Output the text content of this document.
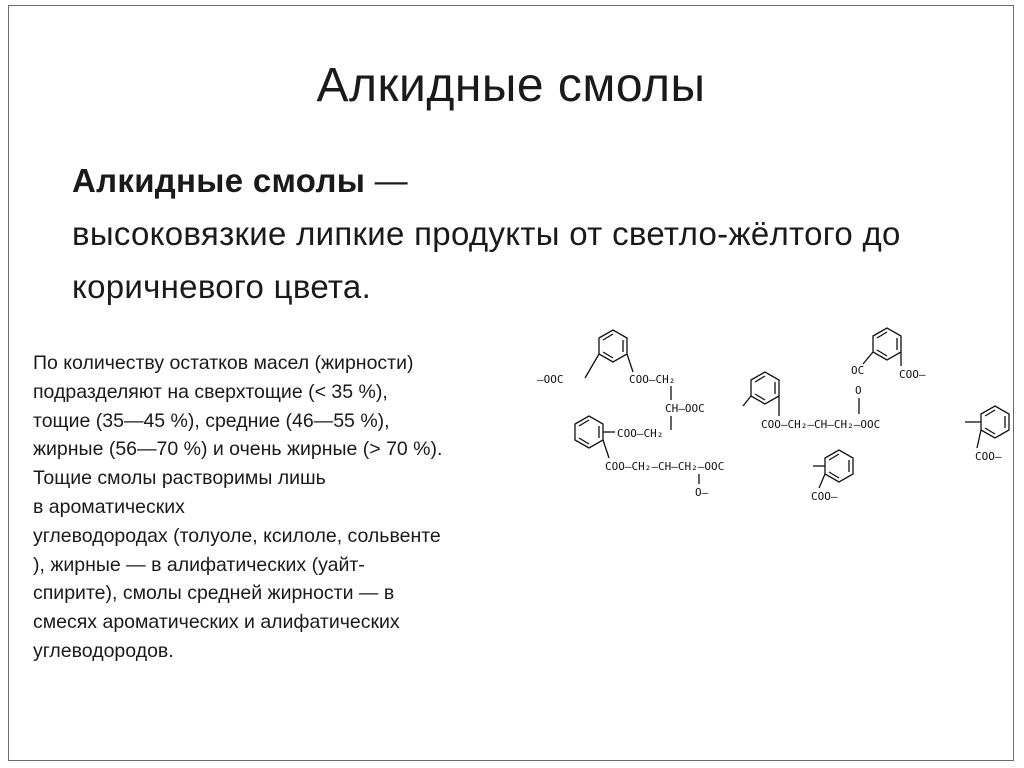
Алкидные смолы
Алкидные смолы —
высоковязкие липкие продукты от светло-жёлтого до коричневого цвета.
По количеству остатков масел (жирности)
подразделяют на сверхтощие (< 35 %),
тощие (35—45 %), средние (46—55 %),
жирные (56—70 %) и очень жирные (> 70 %).
Тощие смолы растворимы лишь
в ароматических
углеводородах (толуоле, ксилоле, сольвенте
), жирные — в алифатических (уайт-
спирите), смолы средней жирности — в
смесях ароматических и алифатических
углеводородов.
—OOC	COO—CH₂
CH—OOC
COO—CH₂
COO—CH₂—CH—CH₂—OOC
O—	COO—
COO—CH₂—CH—CH₂—OOC
OC	COO—
O
COO—
